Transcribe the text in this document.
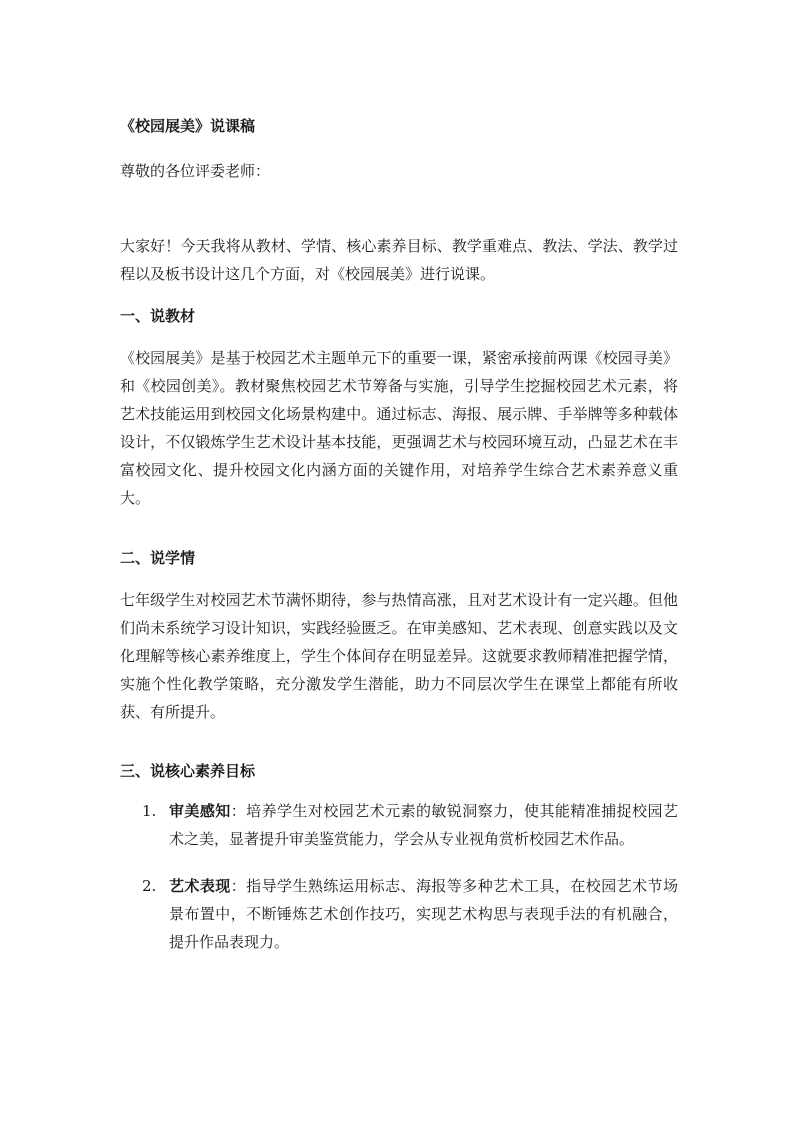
《校园展美》说课稿
尊敬的各位评委老师：
大家好！今天我将从教材、学情、核心素养目标、教学重难点、教法、学法、教学过程以及板书设计这几个方面，对《校园展美》进行说课。
一、说教材
《校园展美》是基于校园艺术主题单元下的重要一课，紧密承接前两课《校园寻美》和《校园创美》。教材聚焦校园艺术节筹备与实施，引导学生挖掘校园艺术元素，将艺术技能运用到校园文化场景构建中。通过标志、海报、展示牌、手举牌等多种载体设计，不仅锻炼学生艺术设计基本技能，更强调艺术与校园环境互动，凸显艺术在丰富校园文化、提升校园文化内涵方面的关键作用，对培养学生综合艺术素养意义重大。
二、说学情
七年级学生对校园艺术节满怀期待，参与热情高涨，且对艺术设计有一定兴趣。但他们尚未系统学习设计知识，实践经验匮乏。在审美感知、艺术表现、创意实践以及文化理解等核心素养维度上，学生个体间存在明显差异。这就要求教师精准把握学情，实施个性化教学策略，充分激发学生潜能，助力不同层次学生在课堂上都能有所收获、有所提升。
三、说核心素养目标
1. 审美感知：培养学生对校园艺术元素的敏锐洞察力，使其能精准捕捉校园艺术之美，显著提升审美鉴赏能力，学会从专业视角赏析校园艺术作品。
2. 艺术表现：指导学生熟练运用标志、海报等多种艺术工具，在校园艺术节场景布置中，不断锤炼艺术创作技巧，实现艺术构思与表现手法的有机融合，提升作品表现力。
